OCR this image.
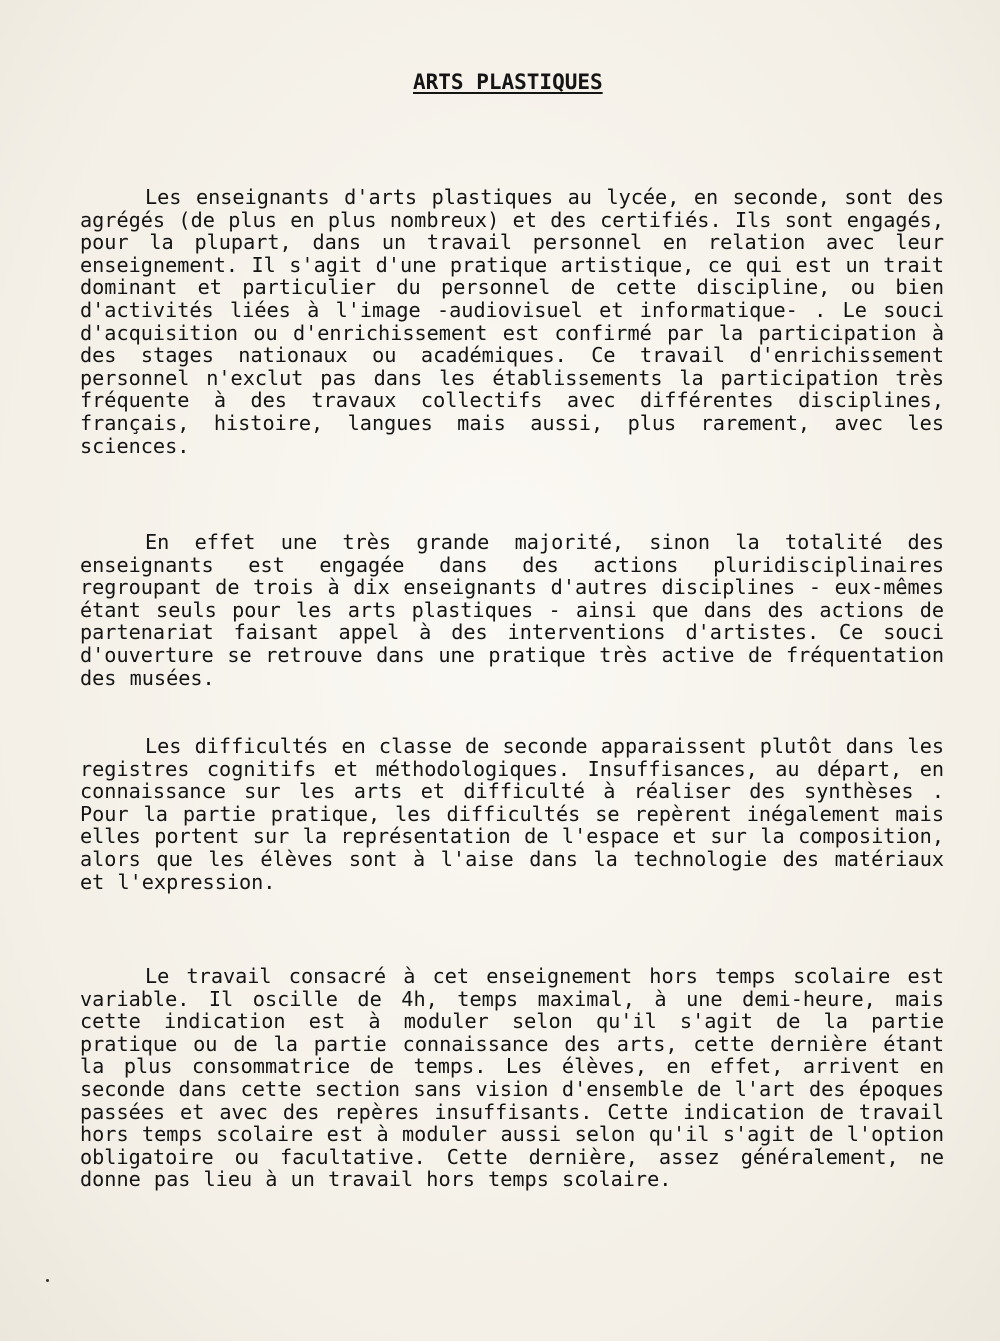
ARTS PLASTIQUES

Les enseignants d'arts plastiques au lycée, en seconde, sont des agrégés (de plus en plus nombreux) et des certifiés. Ils sont engagés, pour la plupart, dans un travail personnel en relation avec leur enseignement. Il s'agit d'une pratique artistique, ce qui est un trait dominant et particulier du personnel de cette discipline, ou bien d'activités liées à l'image -audiovisuel et informatique- . Le souci d'acquisition ou d'enrichissement est confirmé par la participation à des stages nationaux ou académiques. Ce travail d'enrichissement personnel n'exclut pas dans les établissements la participation très fréquente à des travaux collectifs avec différentes disciplines, français, histoire, langues mais aussi, plus rarement, avec les sciences.

En effet une très grande majorité, sinon la totalité des enseignants est engagée dans des actions pluridisciplinaires regroupant de trois à dix enseignants d'autres disciplines - eux-mêmes étant seuls pour les arts plastiques - ainsi que dans des actions de partenariat faisant appel à des interventions d'artistes. Ce souci d'ouverture se retrouve dans une pratique très active de fréquentation des musées.

Les difficultés en classe de seconde apparaissent plutôt dans les registres cognitifs et méthodologiques. Insuffisances, au départ, en connaissance sur les arts et difficulté à réaliser des synthèses . Pour la partie pratique, les difficultés se repèrent inégalement mais elles portent sur la représentation de l'espace et sur la composition, alors que les élèves sont à l'aise dans la technologie des matériaux et l'expression.

Le travail consacré à cet enseignement hors temps scolaire est variable. Il oscille de 4h, temps maximal, à une demi-heure, mais cette indication est à moduler selon qu'il s'agit de la partie pratique ou de la partie connaissance des arts, cette dernière étant la plus consommatrice de temps. Les élèves, en effet, arrivent en seconde dans cette section sans vision d'ensemble de l'art des époques passées et avec des repères insuffisants. Cette indication de travail hors temps scolaire est à moduler aussi selon qu'il s'agit de l'option obligatoire ou facultative. Cette dernière, assez généralement, ne donne pas lieu à un travail hors temps scolaire.
